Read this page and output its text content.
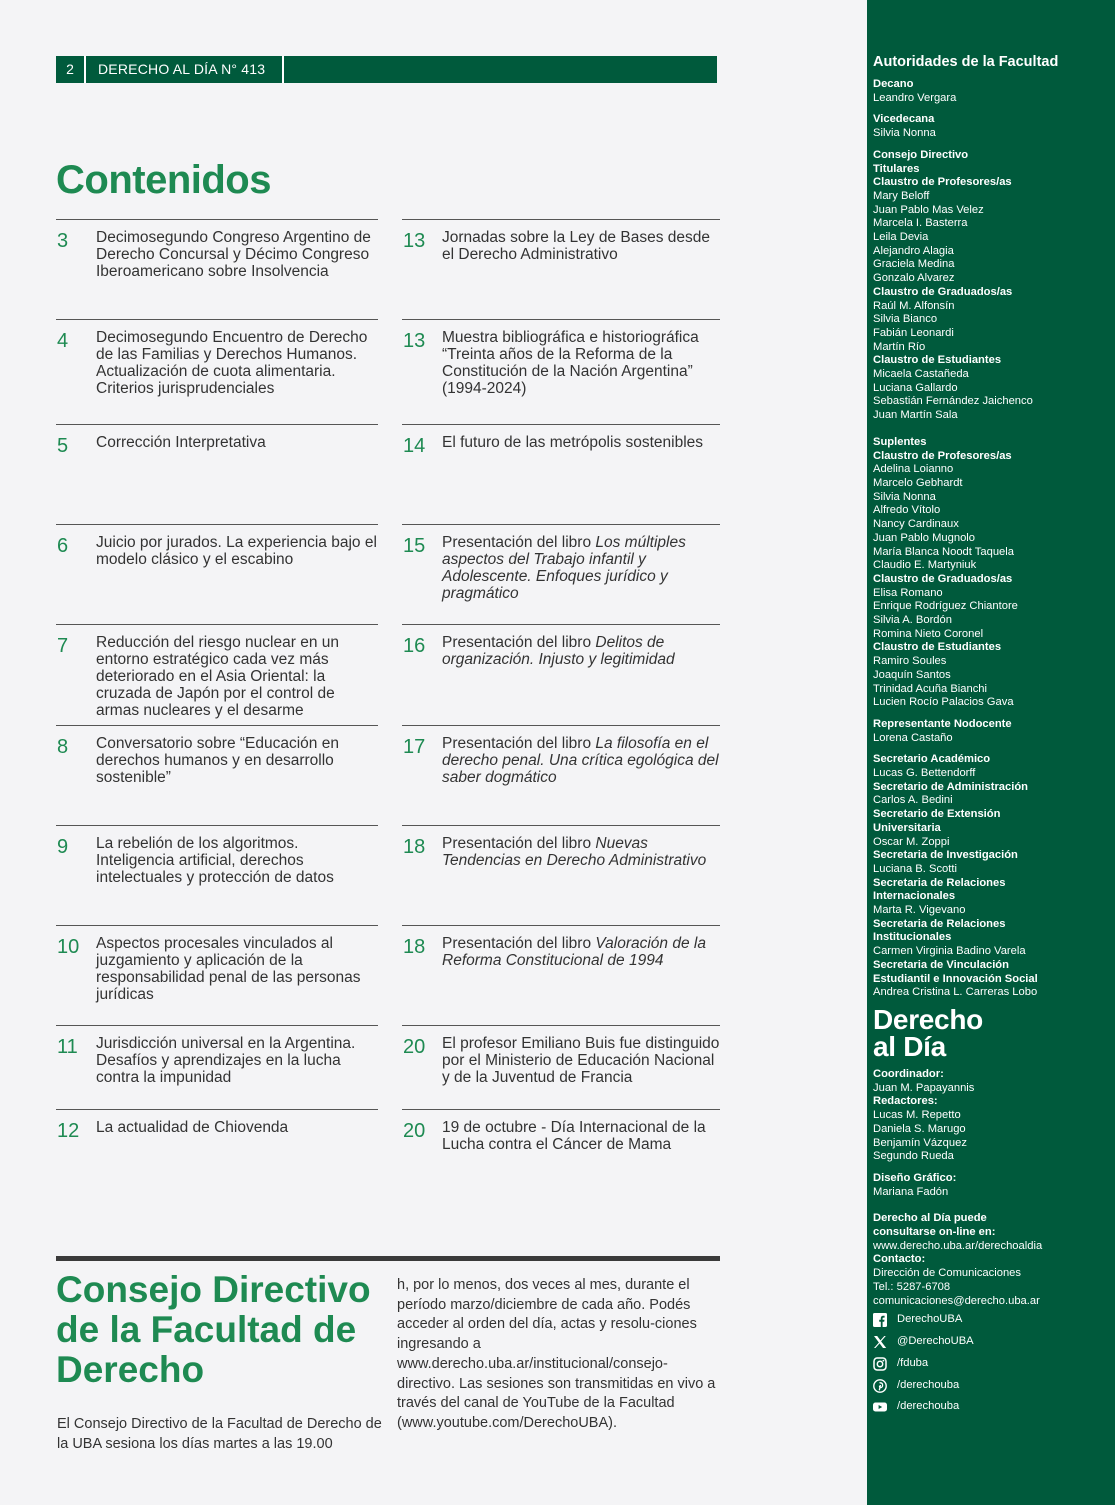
2	DERECHO AL DÍA N° 413
Contenidos
3 Decimosegundo Congreso Argentino de Derecho Concursal y Décimo Congreso Iberoamericano sobre Insolvencia
13 Jornadas sobre la Ley de Bases desde el Derecho Administrativo
4 Decimosegundo Encuentro de Derecho de las Familias y Derechos Humanos. Actualización de cuota alimentaria. Criterios jurisprudenciales
13 Muestra bibliográfica e historiográfica “Treinta años de la Reforma de la Constitución de la Nación Argentina” (1994-2024)
5 Corrección Interpretativa	14 El futuro de las metrópolis sostenibles
6 Juicio por jurados. La experiencia bajo el modelo clásico y el escabino
15 Presentación del libro Los múltiples aspectos del Trabajo infantil y Adolescente. Enfoques jurídico y pragmático
7 Reducción del riesgo nuclear en un entorno estratégico cada vez más deteriorado en el Asia Oriental: la cruzada de Japón por el control de armas nucleares y el desarme
16 Presentación del libro Delitos de organización. Injusto y legitimidad
8 Conversatorio sobre “Educación en derechos humanos y en desarrollo sostenible”
17 Presentación del libro La filosofía en el derecho penal. Una crítica egológica del saber dogmático
9 La rebelión de los algoritmos. Inteligencia artificial, derechos intelectuales y protección de datos
18 Presentación del libro Nuevas Tendencias en Derecho Administrativo
10 Aspectos procesales vinculados al juzgamiento y aplicación de la responsabilidad penal de las personas jurídicas
18 Presentación del libro Valoración de la Reforma Constitucional de 1994
11 Jurisdicción universal en la Argentina. Desafíos y aprendizajes en la lucha contra la impunidad
20 El profesor Emiliano Buis fue distinguido por el Ministerio de Educación Nacional y de la Juventud de Francia
12 La actualidad de Chiovenda	20 19 de octubre - Día Internacional de la Lucha contra el Cáncer de Mama
Consejo Directivo de la Facultad de Derecho

El Consejo Directivo de la Facultad de Derecho de la UBA sesiona los días martes a las 19.00

h, por lo menos, dos veces al mes, durante el período marzo/diciembre de cada año. Podés acceder al orden del día, actas y resolu-ciones ingresando a www.derecho.uba.ar/institucional/consejo-directivo. Las sesiones son transmitidas en vivo a través del canal de YouTube de la Facultad (www.youtube.com/DerechoUBA).

Autoridades de la Facultad
Decano
Leandro Vergara
Vicedecana
Silvia Nonna
Consejo Directivo
Titulares
Claustro de Profesores/as
Mary Beloff
Juan Pablo Mas Velez
Marcela I. Basterra
Leila Devia
Alejandro Alagia
Graciela Medina
Gonzalo Alvarez
Claustro de Graduados/as
Raúl M. Alfonsín
Silvia Bianco
Fabián Leonardi
Martín Río
Claustro de Estudiantes
Micaela Castañeda
Luciana Gallardo
Sebastián Fernández Jaichenco
Juan Martín Sala
Suplentes
Claustro de Profesores/as
Adelina Loianno
Marcelo Gebhardt
Silvia Nonna
Alfredo Vítolo
Nancy Cardinaux
Juan Pablo Mugnolo
María Blanca Noodt Taquela
Claudio E. Martyniuk
Claustro de Graduados/as
Elisa Romano
Enrique Rodríguez Chiantore
Silvia A. Bordón
Romina Nieto Coronel
Claustro de Estudiantes
Ramiro Soules
Joaquín Santos
Trinidad Acuña Bianchi
Lucien Rocío Palacios Gava
Representante Nodocente
Lorena Castaño
Secretario Académico
Lucas G. Bettendorff
Secretario de Administración
Carlos A. Bedini
Secretario de Extensión
Universitaria
Oscar M. Zoppi
Secretaria de Investigación
Luciana B. Scotti
Secretaria de Relaciones
Internacionales
Marta R. Vigevano
Secretaria de Relaciones
Institucionales
Carmen Virginia Badino Varela
Secretaria de Vinculación
Estudiantil e Innovación Social
Andrea Cristina L. Carreras Lobo
Derecho
al Día
Coordinador:
Juan M. Papayannis
Redactores:
Lucas M. Repetto
Daniela S. Marugo
Benjamín Vázquez
Segundo Rueda
Diseño Gráfico:
Mariana Fadón
Derecho al Día puede
consultarse on-line en:
www.derecho.uba.ar/derechoaldia
Contacto:
Dirección de Comunicaciones
Tel.: 5287-6708
comunicaciones@derecho.uba.ar
DerechoUBA
@DerechoUBA
/fduba
/derechouba
/derechouba
